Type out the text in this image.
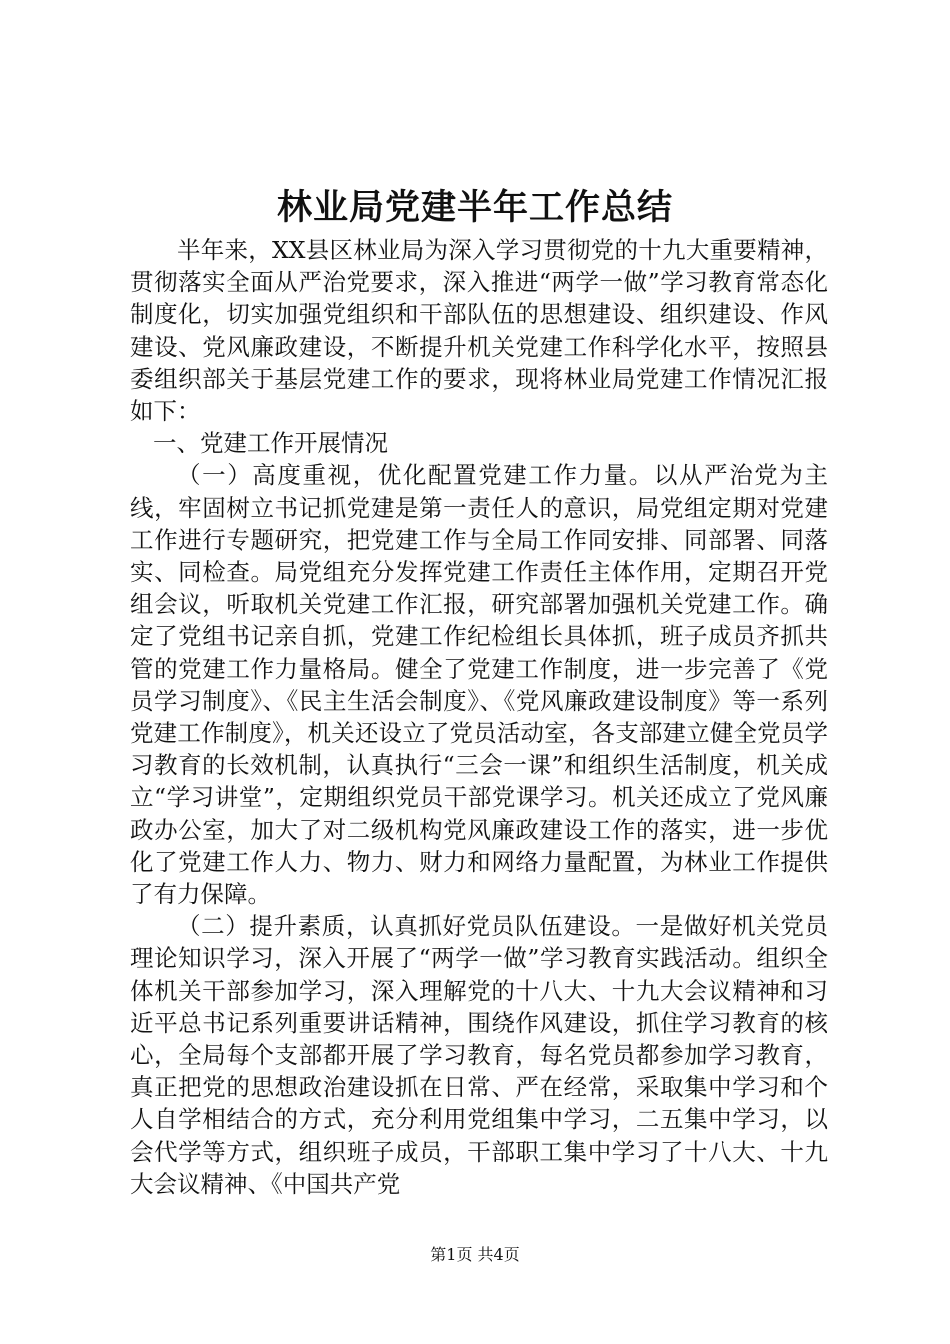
林业局党建半年工作总结

半年来，XX县区林业局为深入学习贯彻党的十九大重要精神，贯彻落实全面从严治党要求，深入推进“两学一做”学习教育常态化制度化，切实加强党组织和干部队伍的思想建设、组织建设、作风建设、党风廉政建设，不断提升机关党建工作科学化水平，按照县委组织部关于基层党建工作的要求，现将林业局党建工作情况汇报如下：

一、党建工作开展情况

（一）高度重视，优化配置党建工作力量。以从严治党为主线，牢固树立书记抓党建是第一责任人的意识，局党组定期对党建工作进行专题研究，把党建工作与全局工作同安排、同部署、同落实、同检查。局党组充分发挥党建工作责任主体作用，定期召开党组会议，听取机关党建工作汇报，研究部署加强机关党建工作。确定了党组书记亲自抓，党建工作纪检组长具体抓，班子成员齐抓共管的党建工作力量格局。健全了党建工作制度，进一步完善了《党员学习制度》、《民主生活会制度》、《党风廉政建设制度》等一系列党建工作制度》，机关还设立了党员活动室，各支部建立健全党员学习教育的长效机制，认真执行“三会一课”和组织生活制度，机关成立“学习讲堂”，定期组织党员干部党课学习。机关还成立了党风廉政办公室，加大了对二级机构党风廉政建设工作的落实，进一步优化了党建工作人力、物力、财力和网络力量配置，为林业工作提供了有力保障。

（二）提升素质，认真抓好党员队伍建设。一是做好机关党员理论知识学习，深入开展了“两学一做”学习教育实践活动。组织全体机关干部参加学习，深入理解党的十八大、十九大会议精神和习近平总书记系列重要讲话精神，围绕作风建设，抓住学习教育的核心，全局每个支部都开展了学习教育，每名党员都参加学习教育，真正把党的思想政治建设抓在日常、严在经常，采取集中学习和个人自学相结合的方式，充分利用党组集中学习，二五集中学习，以会代学等方式，组织班子成员，干部职工集中学习了十八大、十九大会议精神、《中国共产党

第1页 共4页
